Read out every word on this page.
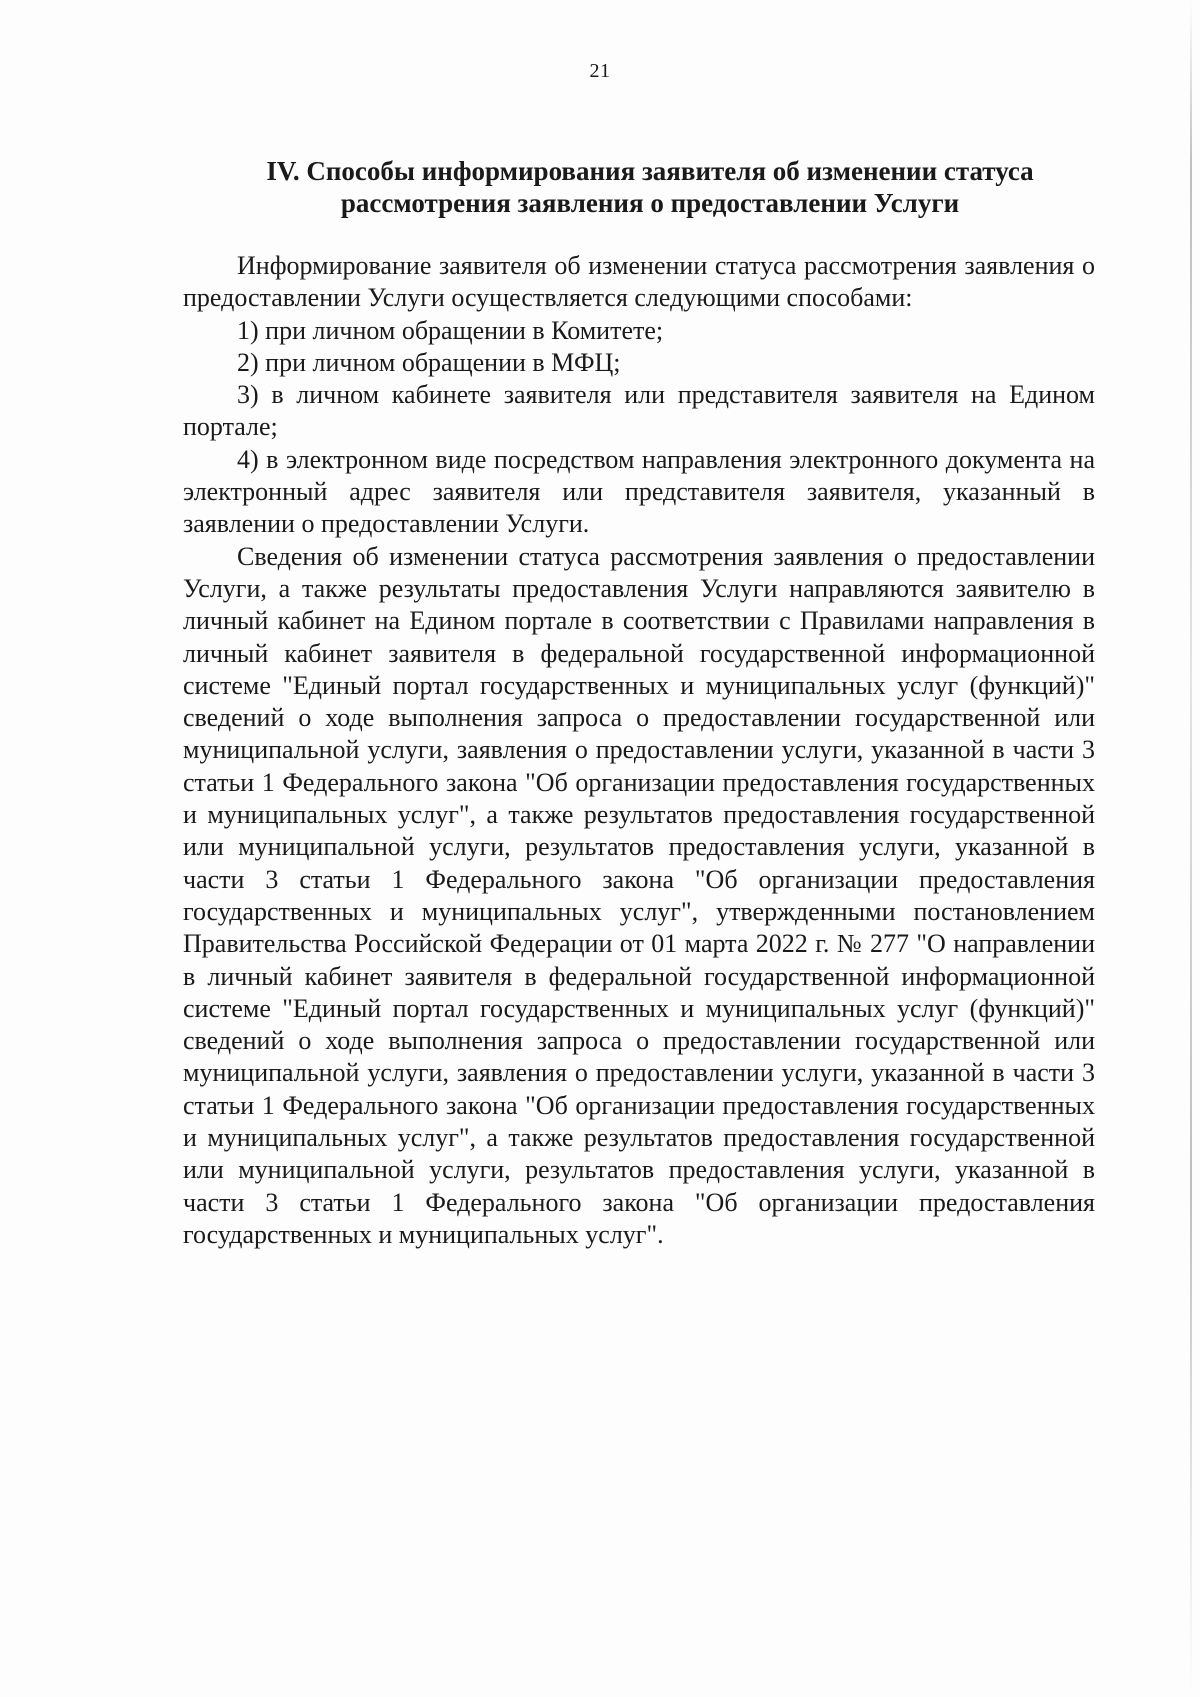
21
IV. Способы информирования заявителя об изменении статуса
рассмотрения заявления о предоставлении Услуги

Информирование заявителя об изменении статуса рассмотрения заявления о предоставлении Услуги осуществляется следующими способами:

1) при личном обращении в Комитете;

2) при личном обращении в МФЦ;

3) в личном кабинете заявителя или представителя заявителя на Едином портале;

4) в электронном виде посредством направления электронного документа на электронный адрес заявителя или представителя заявителя, указанный в заявлении о предоставлении Услуги.

Сведения об изменении статуса рассмотрения заявления о предоставлении Услуги, а также результаты предоставления Услуги направляются заявителю в личный кабинет на Едином портале в соответствии с Правилами направления в личный кабинет заявителя в федеральной государственной информационной системе "Единый портал государственных и муниципальных услуг (функций)" сведений о ходе выполнения запроса о предоставлении государственной или муниципальной услуги, заявления о предоставлении услуги, указанной в части 3 статьи 1 Федерального закона "Об организации предоставления государственных и муниципальных услуг", а также результатов предоставления государственной или муниципальной услуги, результатов предоставления услуги, указанной в части 3 статьи 1 Федерального закона "Об организации предоставления государственных и муниципальных услуг", утвержденными постановлением Правительства Российской Федерации от 01 марта 2022 г. № 277 "О направлении в личный кабинет заявителя в федеральной государственной информационной системе "Единый портал государственных и муниципальных услуг (функций)" сведений о ходе выполнения запроса о предоставлении государственной или муниципальной услуги, заявления о предоставлении услуги, указанной в части 3 статьи 1 Федерального закона "Об организации предоставления государственных и муниципальных услуг", а также результатов предоставления государственной или муниципальной услуги, результатов предоставления услуги, указанной в части 3 статьи 1 Федерального закона "Об организации предоставления государственных и муниципальных услуг".
